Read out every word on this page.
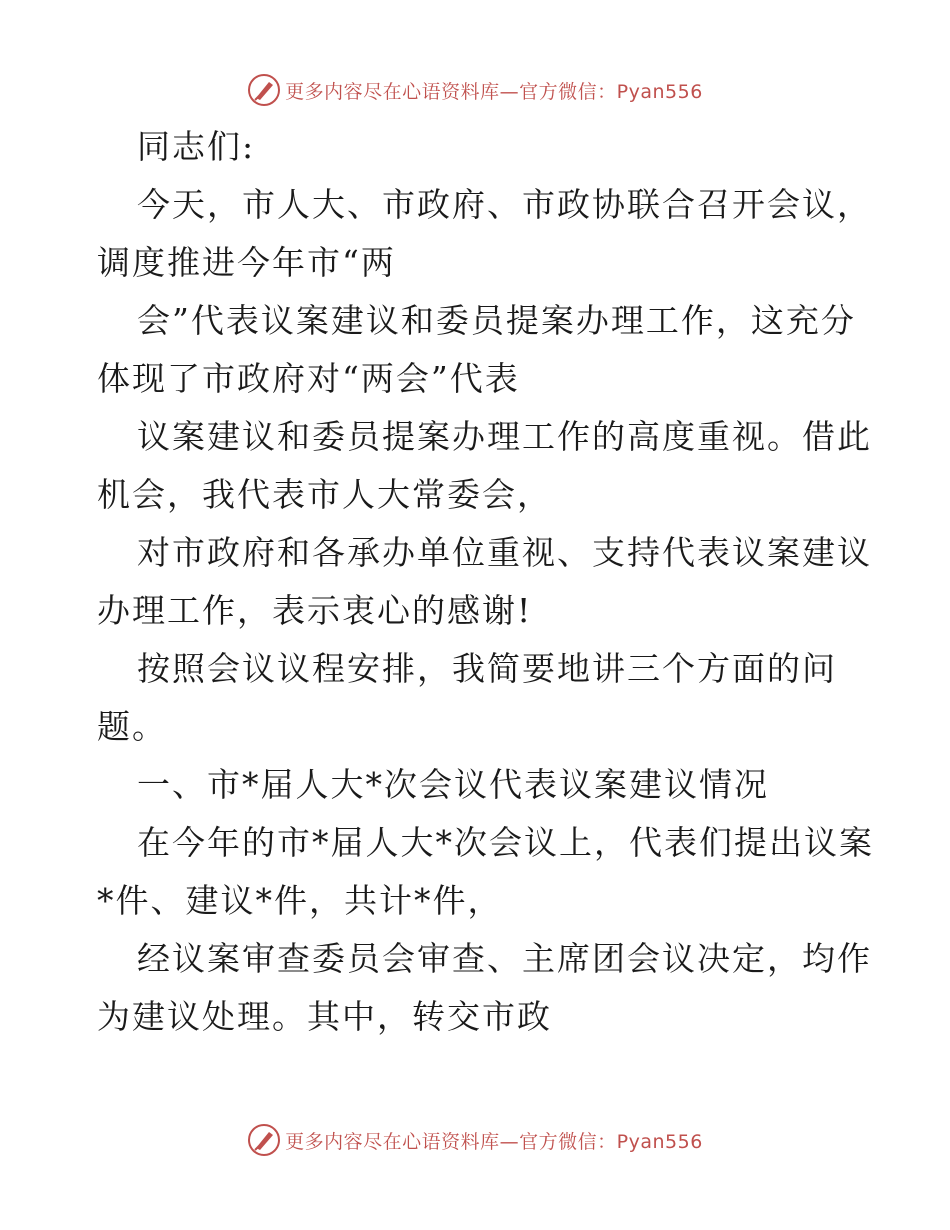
更多内容尽在心语资料库—官方微信：Pyan556
同志们:
今天，市人大、市政府、市政协联合召开会议，
调度推进今年市“两
会”代表议案建议和委员提案办理工作，这充分
体现了市政府对“两会”代表
议案建议和委员提案办理工作的高度重视。借此
机会，我代表市人大常委会，
对市政府和各承办单位重视、支持代表议案建议
办理工作，表示衷心的感谢!
按照会议议程安排，我简要地讲三个方面的问
题。
一、市*届人大*次会议代表议案建议情况
在今年的市*届人大*次会议上，代表们提出议案
*件、建议*件，共计*件，
经议案审查委员会审查、主席团会议决定，均作
为建议处理。其中，转交市政
更多内容尽在心语资料库—官方微信：Pyan556
